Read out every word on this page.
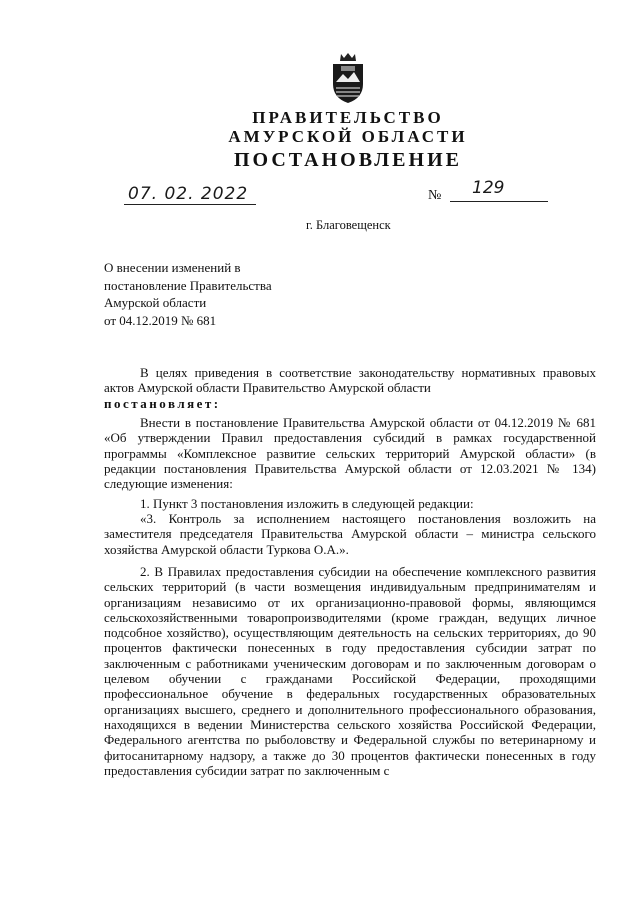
ПРАВИТЕЛЬСТВО
АМУРСКОЙ ОБЛАСТИ
ПОСТАНОВЛЕНИЕ
07. 02. 2022	№ 129
г. Благовещенск
О внесении изменений в
постановление Правительства
Амурской области
от 04.12.2019 № 681

В целях приведения в соответствие законодательству нормативных правовых актов Амурской области Правительство Амурской области

постановляет:

Внести в постановление Правительства Амурской области от 04.12.2019 № 681 «Об утверждении Правил предоставления субсидий в рамках государственной программы «Комплексное развитие сельских территорий Амурской области» (в редакции постановления Правительства Амурской области от 12.03.2021 № 134) следующие изменения:

1. Пункт 3 постановления изложить в следующей редакции:

«3. Контроль за исполнением настоящего постановления возложить на заместителя председателя Правительства Амурской области – министра сельского хозяйства Амурской области Туркова О.А.».

2. В Правилах предоставления субсидии на обеспечение комплексного развития сельских территорий (в части возмещения индивидуальным предпринимателям и организациям независимо от их организационно-правовой формы, являющимся сельскохозяйственными товаропроизводителями (кроме граждан, ведущих личное подсобное хозяйство), осуществляющим деятельность на сельских территориях, до 90 процентов фактически понесенных в году предоставления субсидии затрат по заключенным с работниками ученическим договорам и по заключенным договорам о целевом обучении с гражданами Российской Федерации, проходящими профессиональное обучение в федеральных государственных образовательных организациях высшего, среднего и дополнительного профессионального образования, находящихся в ведении Министерства сельского хозяйства Российской Федерации, Федерального агентства по рыболовству и Федеральной службы по ветеринарному и фитосанитарному надзору, а также до 30 процентов фактически понесенных в году предоставления субсидии затрат по заключенным с
